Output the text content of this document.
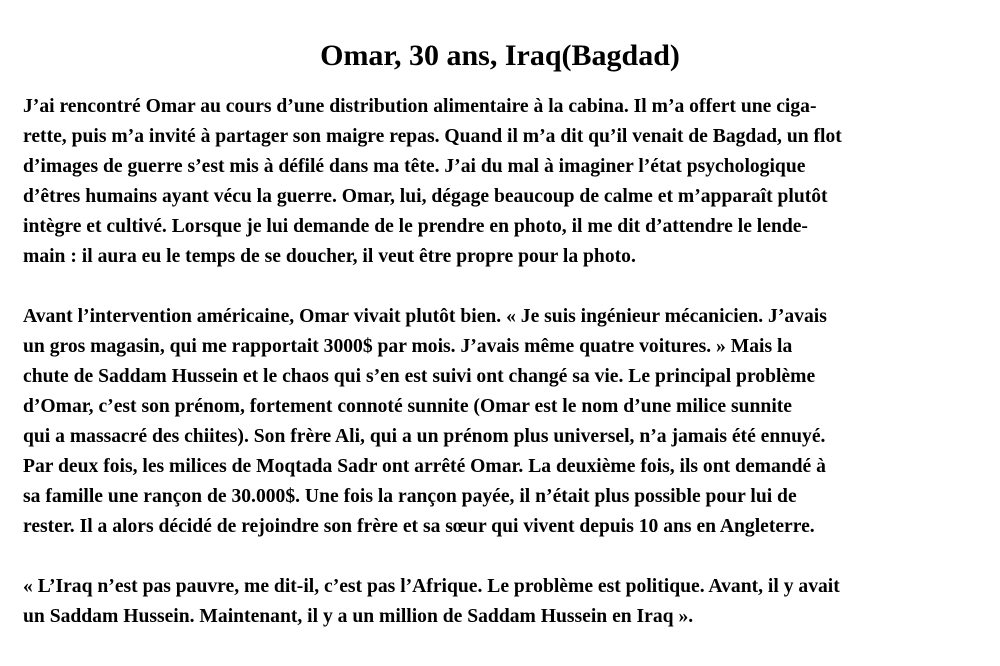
Omar, 30 ans, Iraq(Bagdad)

J’ai rencontré Omar au cours d’une distribution alimentaire à la cabina. Il m’a offert une ciga-

rette, puis m’a invité à partager son maigre repas. Quand il m’a dit qu’il venait de Bagdad, un flot

d’images de guerre s’est mis à défilé dans ma tête. J’ai du mal à imaginer l’état psychologique

d’êtres humains ayant vécu la guerre. Omar, lui, dégage beaucoup de calme et m’apparaît plutôt

intègre et cultivé. Lorsque je lui demande de le prendre en photo, il me dit d’attendre le lende-

main : il aura eu le temps de se doucher, il veut être propre pour la photo.

Avant l’intervention américaine, Omar vivait plutôt bien. « Je suis ingénieur mécanicien. J’avais

un gros magasin, qui me rapportait 3000$ par mois. J’avais même quatre voitures. » Mais la

chute de Saddam Hussein et le chaos qui s’en est suivi ont changé sa vie. Le principal problème

d’Omar, c’est son prénom, fortement connoté sunnite (Omar est le nom d’une milice sunnite

qui a massacré des chiites). Son frère Ali, qui a un prénom plus universel, n’a jamais été ennuyé.

Par deux fois, les milices de Moqtada Sadr ont arrêté Omar. La deuxième fois, ils ont demandé à

sa famille une rançon de 30.000$. Une fois la rançon payée, il n’était plus possible pour lui de

rester. Il a alors décidé de rejoindre son frère et sa sœur qui vivent depuis 10 ans en Angleterre.

« L’Iraq n’est pas pauvre, me dit-il, c’est pas l’Afrique. Le problème est politique. Avant, il y avait

un Saddam Hussein. Maintenant, il y a un million de Saddam Hussein en Iraq ».
